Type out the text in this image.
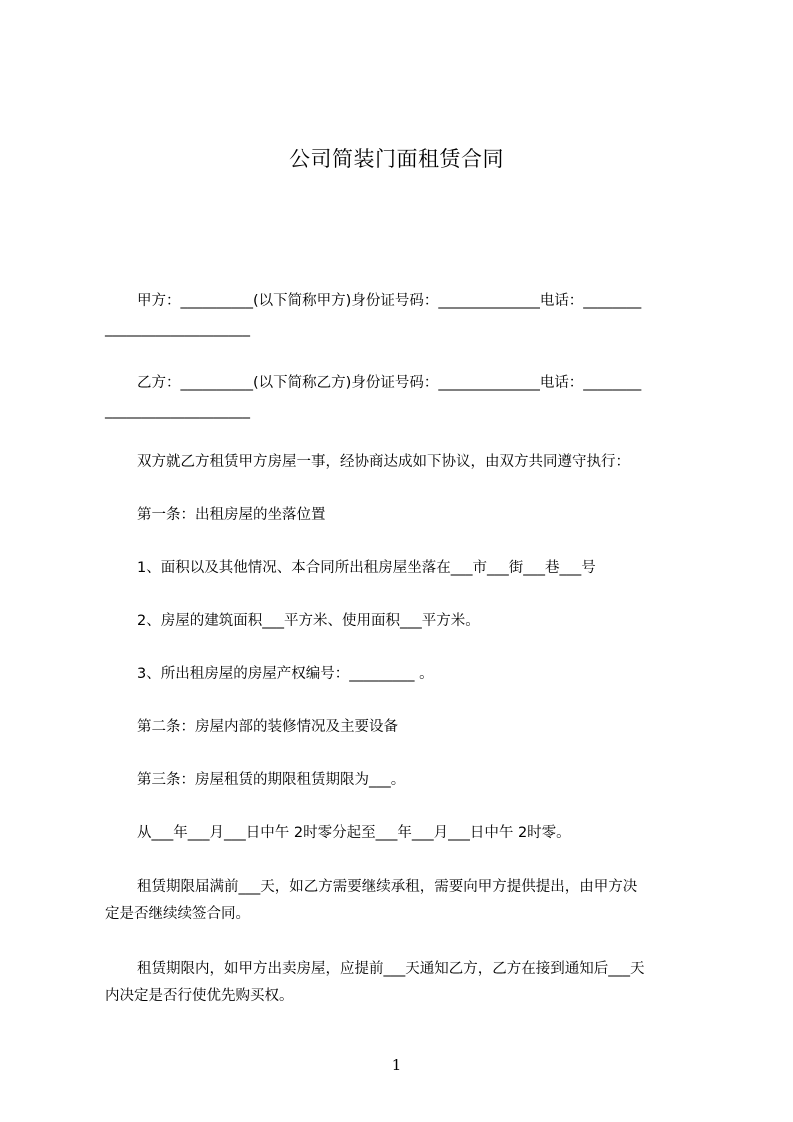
公司简装门面租赁合同
甲方：__________(以下简称甲方)身份证号码：______________电话：________
____________________
乙方：__________(以下简称乙方)身份证号码：______________电话：________
____________________
双方就乙方租赁甲方房屋一事，经协商达成如下协议，由双方共同遵守执行：
第一条：出租房屋的坐落位置
1、面积以及其他情况、本合同所出租房屋坐落在___市___街___巷___号
2、房屋的建筑面积___平方米、使用面积___平方米。
3、所出租房屋的房屋产权编号：_________ 。
第二条：房屋内部的装修情况及主要设备
第三条：房屋租赁的期限租赁期限为___。
从___年___月___日中午 2时零分起至___年___月___日中午 2时零。
租赁期限届满前___天，如乙方需要继续承租，需要向甲方提供提出，由甲方决
定是否继续续签合同。
租赁期限内，如甲方出卖房屋，应提前___天通知乙方，乙方在接到通知后___天
内决定是否行使优先购买权。
1
